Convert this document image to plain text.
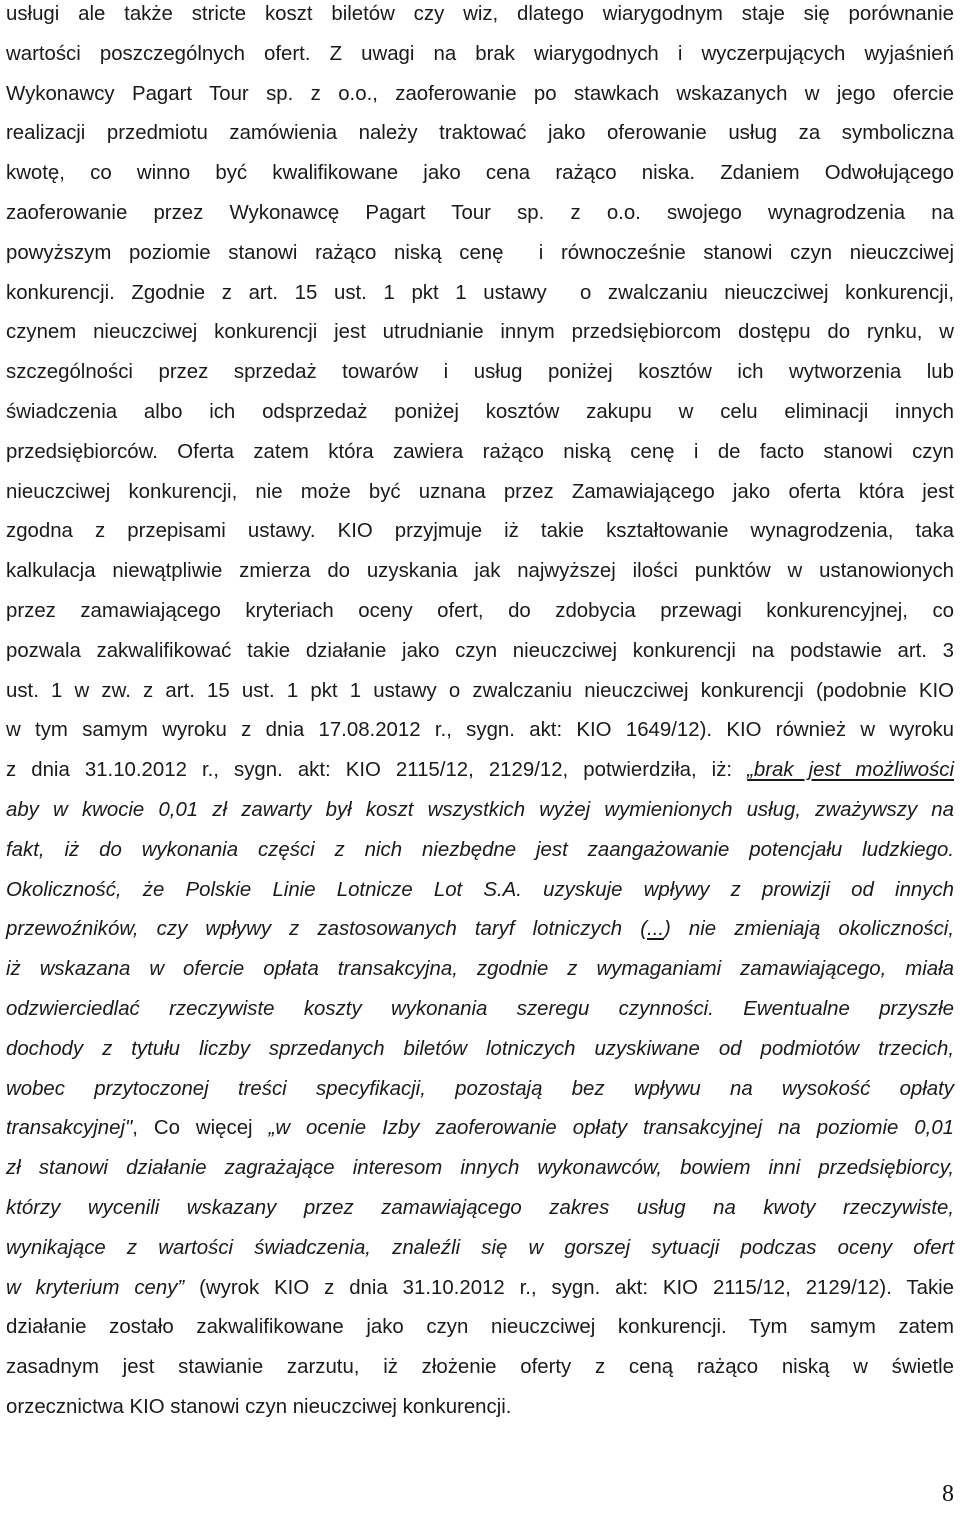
usługi ale także stricte koszt biletów czy wiz, dlatego wiarygodnym staje się porównanie
wartości poszczególnych ofert. Z uwagi na brak wiarygodnych i wyczerpujących wyjaśnień
Wykonawcy Pagart Tour sp. z o.o., zaoferowanie po stawkach wskazanych w jego ofercie
realizacji przedmiotu zamówienia należy traktować jako oferowanie usług za symboliczna
kwotę, co winno być kwalifikowane jako cena rażąco niska. Zdaniem Odwołującego
zaoferowanie przez Wykonawcę Pagart Tour sp. z o.o. swojego wynagrodzenia na
powyższym poziomie stanowi rażąco niską cenę  i równocześnie stanowi czyn nieuczciwej
konkurencji. Zgodnie z art. 15 ust. 1 pkt 1 ustawy  o zwalczaniu nieuczciwej konkurencji,
czynem nieuczciwej konkurencji jest utrudnianie innym przedsiębiorcom dostępu do rynku, w
szczególności przez sprzedaż towarów i usług poniżej kosztów ich wytworzenia lub
świadczenia albo ich odsprzedaż poniżej kosztów zakupu w celu eliminacji innych
przedsiębiorców. Oferta zatem która zawiera rażąco niską cenę i de facto stanowi czyn
nieuczciwej konkurencji, nie może być uznana przez Zamawiającego jako oferta która jest
zgodna z przepisami ustawy. KIO przyjmuje iż takie kształtowanie wynagrodzenia, taka
kalkulacja niewątpliwie zmierza do uzyskania jak najwyższej ilości punktów w ustanowionych
przez zamawiającego kryteriach oceny ofert, do zdobycia przewagi konkurencyjnej, co
pozwala zakwalifikować takie działanie jako czyn nieuczciwej konkurencji na podstawie art. 3
ust. 1 w zw. z art. 15 ust. 1 pkt 1 ustawy o zwalczaniu nieuczciwej konkurencji (podobnie KIO
w tym samym wyroku z dnia 17.08.2012 r., sygn. akt: KIO 1649/12). KIO również w wyroku
z dnia 31.10.2012 r., sygn. akt: KIO 2115/12, 2129/12, potwierdziła, iż: „brak jest możliwości
aby w kwocie 0,01 zł zawarty był koszt wszystkich wyżej wymienionych usług, zważywszy na
fakt, iż do wykonania części z nich niezbędne jest zaangażowanie potencjału ludzkiego.
Okoliczność, że Polskie Linie Lotnicze Lot S.A. uzyskuje wpływy z prowizji od innych
przewoźników, czy wpływy z zastosowanych taryf lotniczych (...) nie zmieniają okoliczności,
iż wskazana w ofercie opłata transakcyjna, zgodnie z wymaganiami zamawiającego, miała
odzwierciedlać rzeczywiste koszty wykonania szeregu czynności. Ewentualne przyszłe
dochody z tytułu liczby sprzedanych biletów lotniczych uzyskiwane od podmiotów trzecich,
wobec przytoczonej treści specyfikacji, pozostają bez wpływu na wysokość opłaty
transakcyjnej", Co więcej „w ocenie Izby zaoferowanie opłaty transakcyjnej na poziomie 0,01
zł stanowi działanie zagrażające interesom innych wykonawców, bowiem inni przedsiębiorcy,
którzy wycenili wskazany przez zamawiającego zakres usług na kwoty rzeczywiste,
wynikające z wartości świadczenia, znaleźli się w gorszej sytuacji podczas oceny ofert
w kryterium ceny” (wyrok KIO z dnia 31.10.2012 r., sygn. akt: KIO 2115/12, 2129/12). Takie
działanie zostało zakwalifikowane jako czyn nieuczciwej konkurencji. Tym samym zatem
zasadnym jest stawianie zarzutu, iż złożenie oferty z ceną rażąco niską w świetle
orzecznictwa KIO stanowi czyn nieuczciwej konkurencji.
8
